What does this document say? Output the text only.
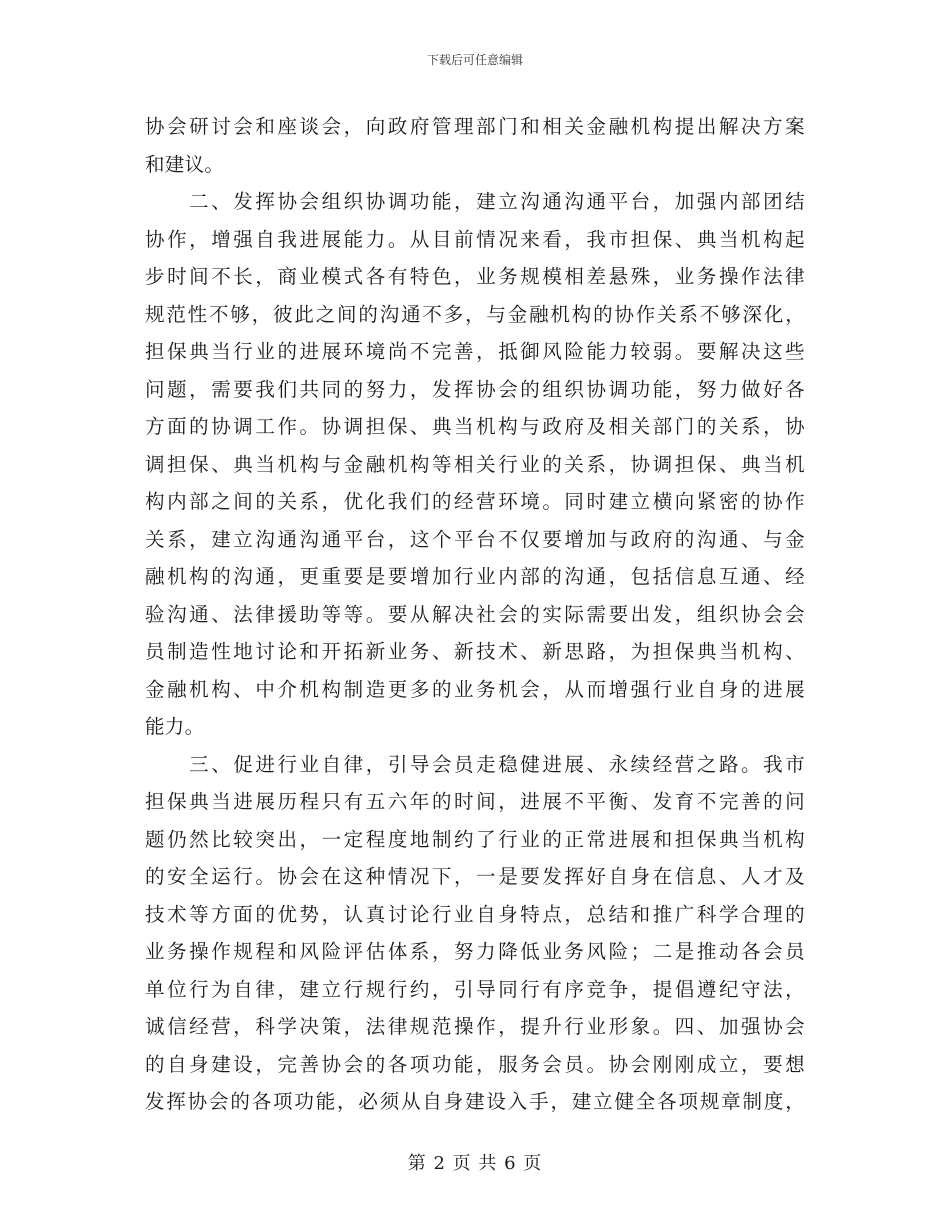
下载后可任意编辑
协会研讨会和座谈会，向政府管理部门和相关金融机构提出解决方案
和建议。
　　二、发挥协会组织协调功能，建立沟通沟通平台，加强内部团结
协作，增强自我进展能力。从目前情况来看，我市担保、典当机构起
步时间不长，商业模式各有特色，业务规模相差悬殊，业务操作法律
规范性不够，彼此之间的沟通不多，与金融机构的协作关系不够深化，
担保典当行业的进展环境尚不完善，抵御风险能力较弱。要解决这些
问题，需要我们共同的努力，发挥协会的组织协调功能，努力做好各
方面的协调工作。协调担保、典当机构与政府及相关部门的关系，协
调担保、典当机构与金融机构等相关行业的关系，协调担保、典当机
构内部之间的关系，优化我们的经营环境。同时建立横向紧密的协作
关系，建立沟通沟通平台，这个平台不仅要增加与政府的沟通、与金
融机构的沟通，更重要是要增加行业内部的沟通，包括信息互通、经
验沟通、法律援助等等。要从解决社会的实际需要出发，组织协会会
员制造性地讨论和开拓新业务、新技术、新思路，为担保典当机构、
金融机构、中介机构制造更多的业务机会，从而增强行业自身的进展
能力。
　　三、促进行业自律，引导会员走稳健进展、永续经营之路。我市
担保典当进展历程只有五六年的时间，进展不平衡、发育不完善的问
题仍然比较突出，一定程度地制约了行业的正常进展和担保典当机构
的安全运行。协会在这种情况下，一是要发挥好自身在信息、人才及
技术等方面的优势，认真讨论行业自身特点，总结和推广科学合理的
业务操作规程和风险评估体系，努力降低业务风险；二是推动各会员
单位行为自律，建立行规行约，引导同行有序竞争，提倡遵纪守法，
诚信经营，科学决策，法律规范操作，提升行业形象。四、加强协会
的自身建设，完善协会的各项功能，服务会员。协会刚刚成立，要想
发挥协会的各项功能，必须从自身建设入手，建立健全各项规章制度，
第 2 页 共 6 页
